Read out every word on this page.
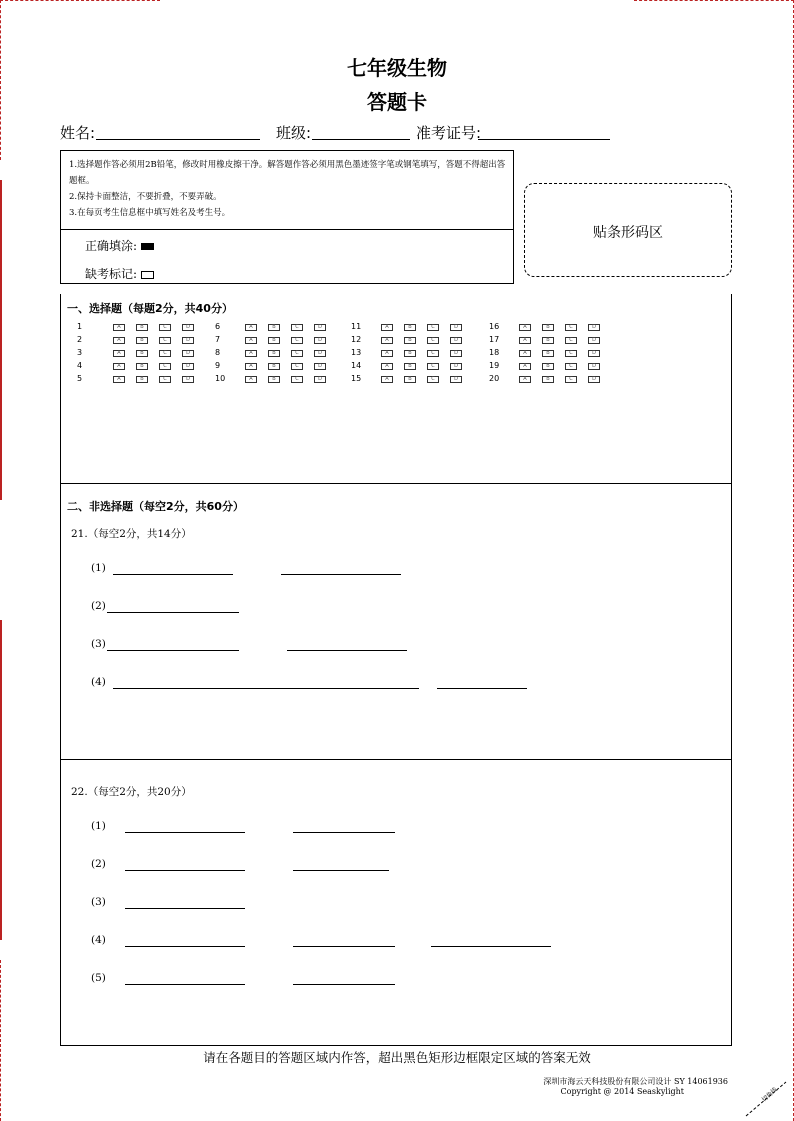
七年级生物
答题卡
姓名:	班级:	准考证号:
1.选择题作答必须用2B铅笔，修改时用橡皮擦干净。解答题作答必须用黑色墨迹签字笔或钢笔填写，答题不得超出答题框。
2.保持卡面整洁，不要折叠，不要弄破。
3.在每页考生信息框中填写姓名及考生号。
正确填涂:
缺考标记:
贴条形码区
一、选择题（每题2分，共40分）
1	A	B	C	D
2	A	B	C	D
3	A	B	C	D
4	A	B	C	D
5	A	B	C	D
6	A	B	C	D
7	A	B	C	D
8	A	B	C	D
9	A	B	C	D
10	A	B	C	D
11	A	B	C	D
12	A	B	C	D
13	A	B	C	D
14	A	B	C	D
15	A	B	C	D
16	A	B	C	D
17	A	B	C	D
18	A	B	C	D
19	A	B	C	D
20	A	B	C	D
二、非选择题（每空2分，共60分）
21.（每空2分，共14分）
(1)
(2)
(3)
(4)
22.（每空2分，共20分）
(1)
(2)
(3)
(4)
(5)
请在各题目的答题区域内作答，超出黑色矩形边框限定区域的答案无效
深圳市海云天科技股份有限公司设计 SY 14061936
Copyright @ 2014 Seaskylight	切角线
